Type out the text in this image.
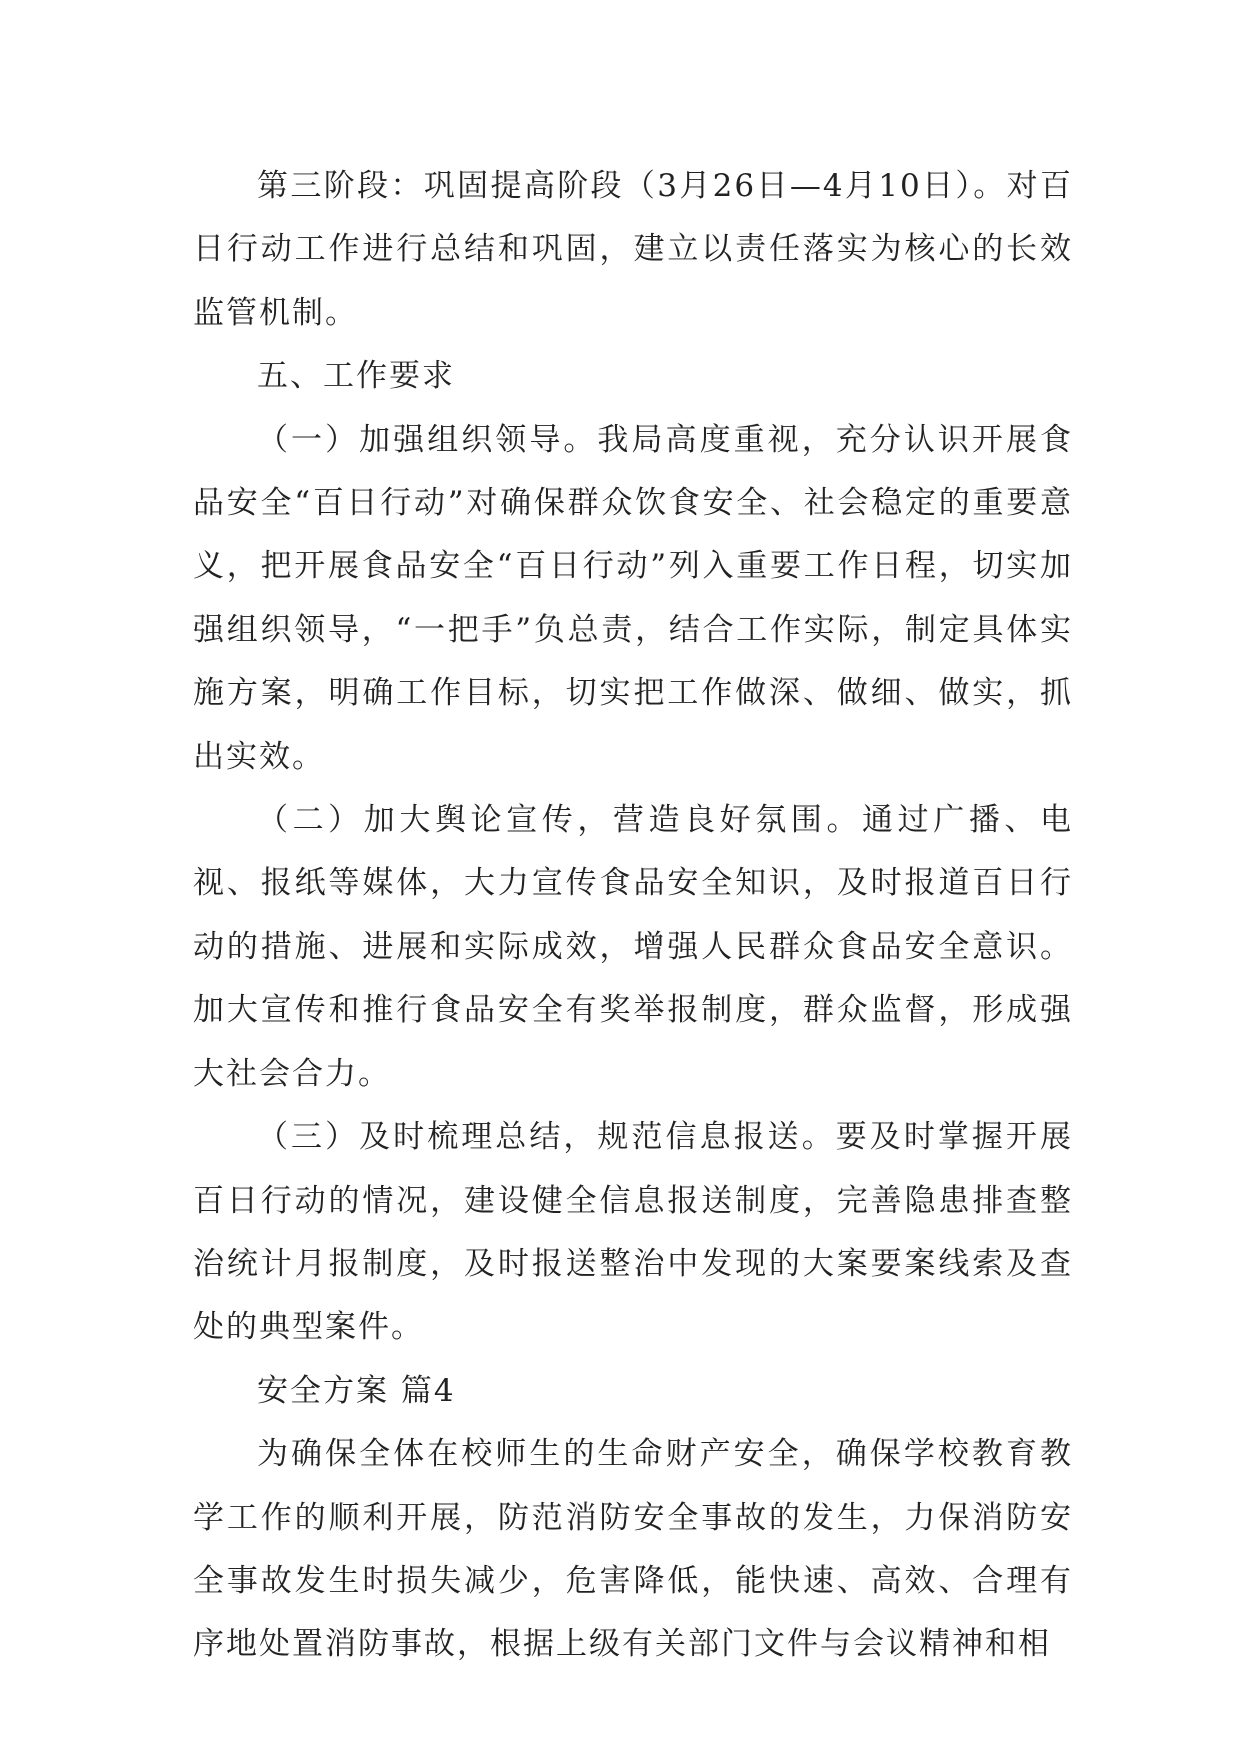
第三阶段：巩固提高阶段（3月26日—4月10日）。对百日行动工作进行总结和巩固，建立以责任落实为核心的长效监管机制。

五、工作要求

（一）加强组织领导。我局高度重视，充分认识开展食品安全“百日行动”对确保群众饮食安全、社会稳定的重要意义，把开展食品安全“百日行动”列入重要工作日程，切实加强组织领导，“一把手”负总责，结合工作实际，制定具体实施方案，明确工作目标，切实把工作做深、做细、做实，抓出实效。

（二）加大舆论宣传，营造良好氛围。通过广播、电视、报纸等媒体，大力宣传食品安全知识，及时报道百日行动的措施、进展和实际成效，增强人民群众食品安全意识。加大宣传和推行食品安全有奖举报制度，群众监督，形成强大社会合力。

（三）及时梳理总结，规范信息报送。要及时掌握开展百日行动的情况，建设健全信息报送制度，完善隐患排查整治统计月报制度，及时报送整治中发现的大案要案线索及查处的典型案件。

安全方案 篇4

为确保全体在校师生的生命财产安全，确保学校教育教学工作的顺利开展，防范消防安全事故的发生，力保消防安全事故发生时损失减少，危害降低，能快速、高效、合理有序地处置消防事故，根据上级有关部门文件与会议精神和相
